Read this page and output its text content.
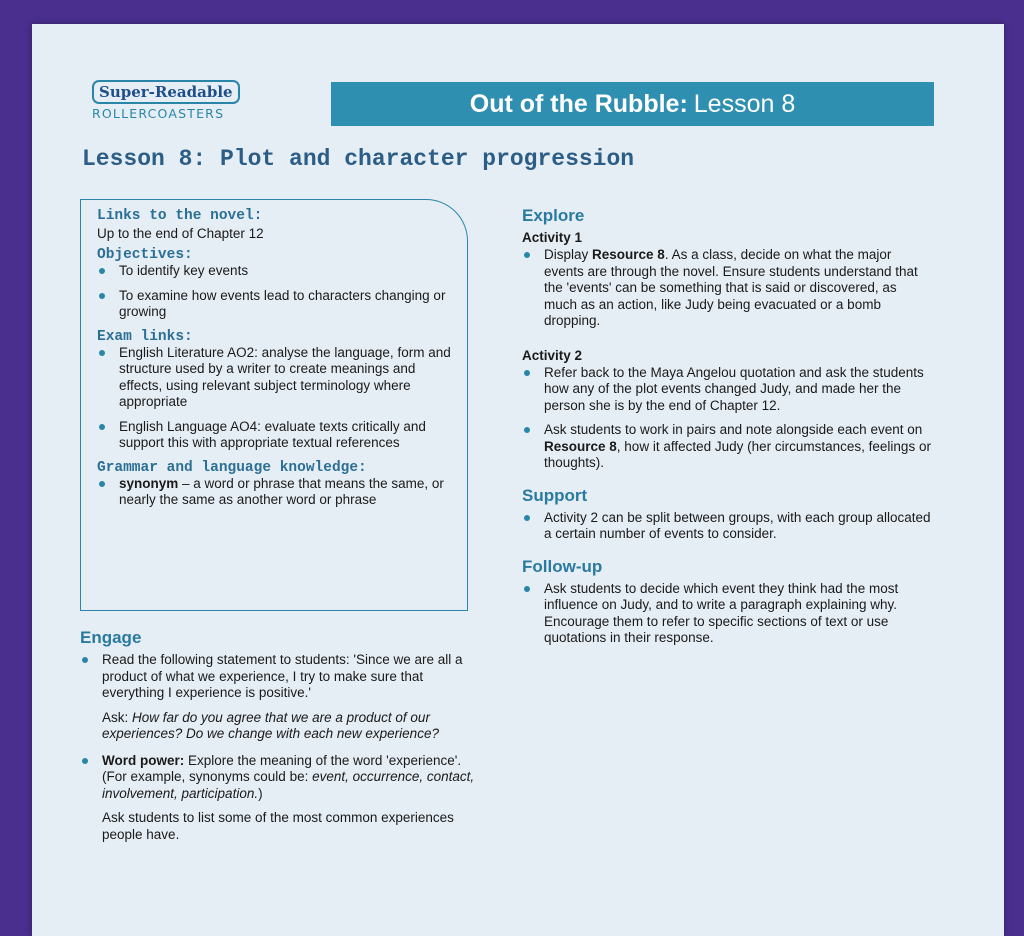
Super-Readable
ROLLERCOASTERS	Out of the Rubble: Lesson 8
Lesson 8: Plot and character progression

Links to the novel:

Up to the end of Chapter 12

Objectives:

To identify key events
To examine how events lead to characters changing or growing

Exam links:

English Literature AO2: analyse the language, form and structure used by a writer to create meanings and effects, using relevant subject terminology where appropriate
English Language AO4: evaluate texts critically and support this with appropriate textual references

Grammar and language knowledge:

synonym – a word or phrase that means the same, or nearly the same as another word or phrase

Engage

Read the following statement to students: 'Since we are all a product of what we experience, I try to make sure that everything I experience is positive.'

Ask: How far do you agree that we are a product of our experiences? Do we change with each new experience?

Word power: Explore the meaning of the word 'experience'. (For example, synonyms could be: event, occurrence, contact, involvement, participation.)

Ask students to list some of the most common experiences people have.

Explore

Activity 1

Display Resource 8. As a class, decide on what the major events are through the novel. Ensure students understand that the 'events' can be something that is said or discovered, as much as an action, like Judy being evacuated or a bomb dropping.

Activity 2

Refer back to the Maya Angelou quotation and ask the students how any of the plot events changed Judy, and made her the person she is by the end of Chapter 12.
Ask students to work in pairs and note alongside each event on Resource 8, how it affected Judy (her circumstances, feelings or thoughts).

Support

Activity 2 can be split between groups, with each group allocated a certain number of events to consider.

Follow-up

Ask students to decide which event they think had the most influence on Judy, and to write a paragraph explaining why. Encourage them to refer to specific sections of text or use quotations in their response.
